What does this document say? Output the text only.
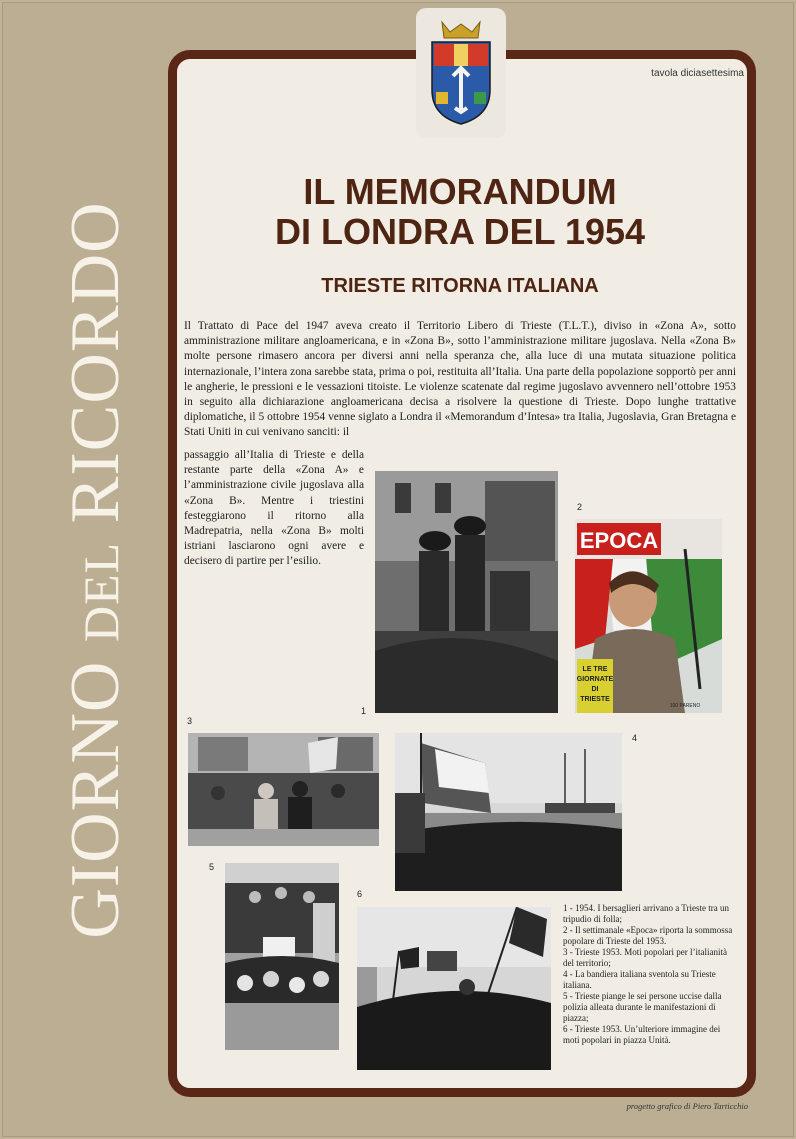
GIORNO DEL RICORDO
tavola diciasettesima
IL MEMORANDUM
DI LONDRA DEL 1954
TRIESTE RITORNA ITALIANA

Il Trattato di Pace del 1947 aveva creato il Territorio Libero di Trieste (T.L.T.), diviso in «Zona A», sotto amministrazione militare angloamericana, e in «Zona B», sotto l’amministrazione militare jugoslava. Nella «Zona B» molte persone rimasero ancora per diversi anni nella speranza che, alla luce di una mutata situazione politica internazionale, l’intera zona sarebbe stata, prima o poi, restituita all’Italia. Una parte della popolazione sopportò per anni le angherie, le pressioni e le vessazioni titoiste. Le violenze scatenate dal regime jugoslavo avvennero nell’ottobre 1953 in seguito alla dichiarazione angloamericana decisa a risolvere la questione di Trieste. Dopo lunghe trattative diplomatiche, il 5 ottobre 1954 venne siglato a Londra il «Memorandum d’Intesa» tra Italia, Jugoslavia, Gran Bretagna e Stati Uniti in cui venivano sanciti: il

passaggio all’Italia di Trieste e della restante parte della «Zona A» e l’amministrazione civile jugoslava alla «Zona B». Mentre i triestini festeggiarono il ritorno alla Madrepatria, nella «Zona B» molti istriani lasciarono ogni avere e decisero di partire per l’esilio.

1
EPOCA
LE TRE
GIORNATE
DI
TRIESTE
100 PARENO
2
3
4
5
6

1 - 1954. I bersaglieri arrivano a Trieste tra un tripudio di folla;

2 - Il settimanale «Epoca» riporta la sommossa popolare di Trieste del 1953.

3 - Trieste 1953. Moti popolari per l’italianità del territorio;

4 - La bandiera italiana sventola su Trieste italiana.

5 - Trieste piange le sei persone uccise dalla polizia alleata durante le manifestazioni di piazza;

6 - Trieste 1953. Un’ulteriore immagine dei moti popolari in piazza Unità.

progetto grafico di Piero Tarticchio
